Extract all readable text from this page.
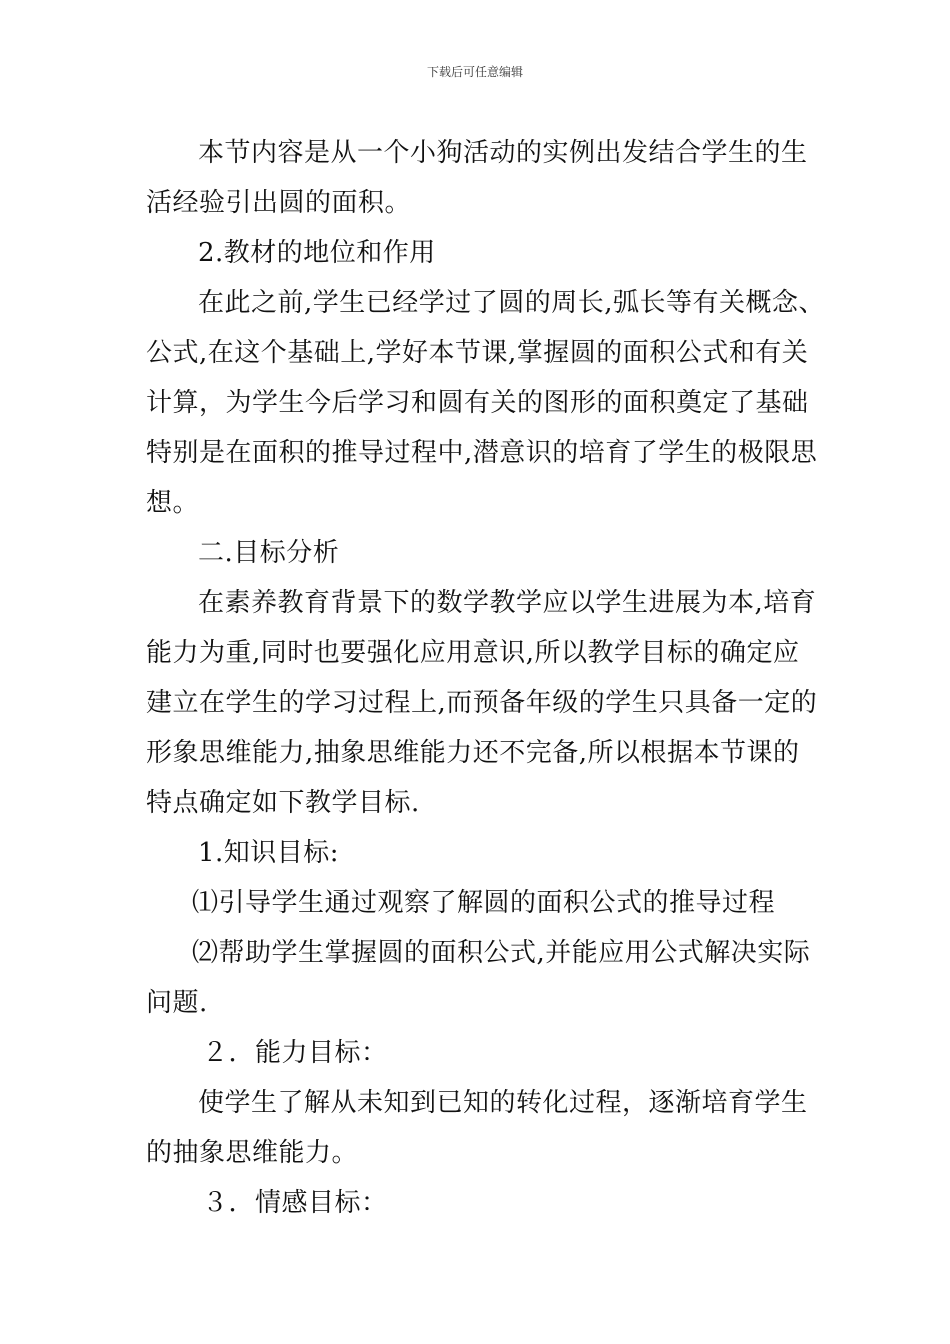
下载后可任意编辑

本节内容是从一个小狗活动的实例出发结合学生的生
活经验引出圆的面积。

2.教材的地位和作用

在此之前,学生已经学过了圆的周长,弧长等有关概念、
公式,在这个基础上,学好本节课,掌握圆的面积公式和有关
计算，为学生今后学习和圆有关的图形的面积奠定了基础
特别是在面积的推导过程中,潜意识的培育了学生的极限思
想。

二.目标分析

在素养教育背景下的数学教学应以学生进展为本,培育
能力为重,同时也要强化应用意识,所以教学目标的确定应
建立在学生的学习过程上,而预备年级的学生只具备一定的
形象思维能力,抽象思维能力还不完备,所以根据本节课的
特点确定如下教学目标.

1.知识目标:

⑴引导学生通过观察了解圆的面积公式的推导过程

⑵帮助学生掌握圆的面积公式,并能应用公式解决实际
问题.

２．能力目标：

使学生了解从未知到已知的转化过程，逐渐培育学生
的抽象思维能力。

３．情感目标：
